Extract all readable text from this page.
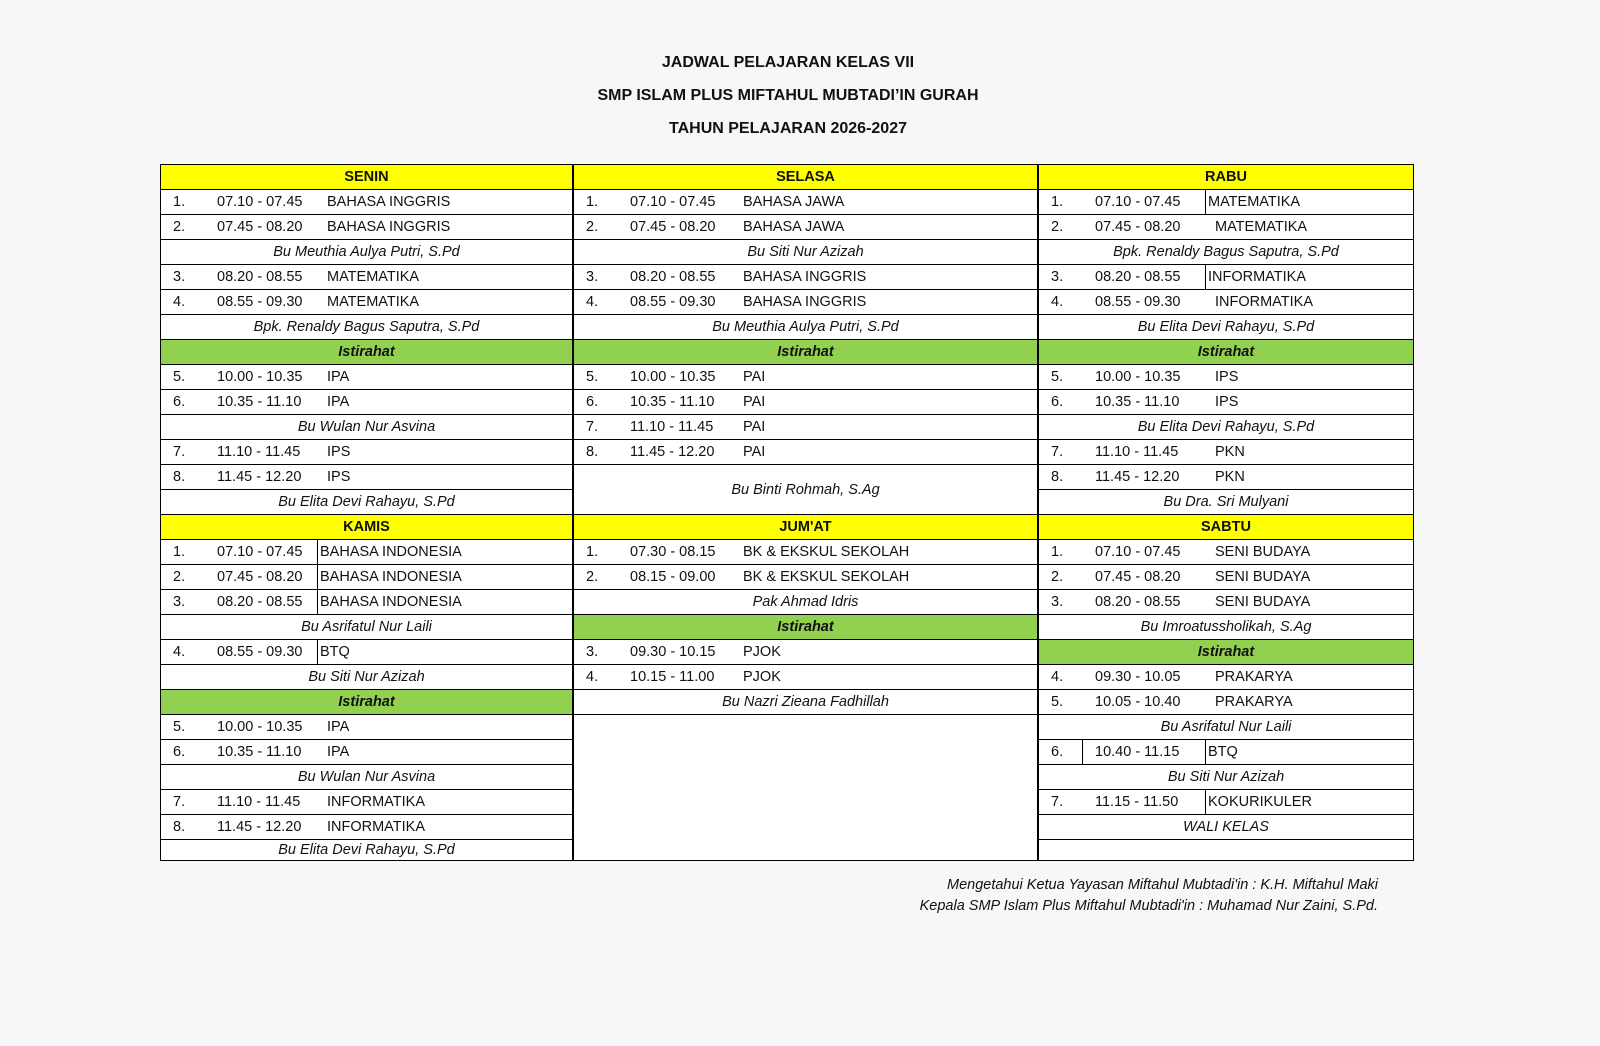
JADWAL PELAJARAN KELAS VII
SMP ISLAM PLUS MIFTAHUL MUBTADI’IN GURAH
TAHUN PELAJARAN 2026-2027
SENIN
1.	07.10 - 07.45	BAHASA INGGRIS
2.	07.45 - 08.20	BAHASA INGGRIS
Bu Meuthia Aulya Putri, S.Pd
3.	08.20 - 08.55	MATEMATIKA
4.	08.55 - 09.30	MATEMATIKA
Bpk. Renaldy Bagus Saputra, S.Pd
Istirahat
5.	10.00 - 10.35	IPA
6.	10.35 - 11.10	IPA
Bu Wulan Nur Asvina
7.	11.10 - 11.45	IPS
8.	11.45 - 12.20	IPS
Bu Elita Devi Rahayu, S.Pd
KAMIS
1.	07.10 - 07.45	BAHASA INDONESIA
2.	07.45 - 08.20	BAHASA INDONESIA
3.	08.20 - 08.55	BAHASA INDONESIA
Bu Asrifatul Nur Laili
4.	08.55 - 09.30	BTQ
Bu Siti Nur Azizah
Istirahat
5.	10.00 - 10.35	IPA
6.	10.35 - 11.10	IPA
Bu Wulan Nur Asvina
7.	11.10 - 11.45	INFORMATIKA
8.	11.45 - 12.20	INFORMATIKA
Bu Elita Devi Rahayu, S.Pd
SELASA
1.	07.10 - 07.45	BAHASA JAWA
2.	07.45 - 08.20	BAHASA JAWA
Bu Siti Nur Azizah
3.	08.20 - 08.55	BAHASA INGGRIS
4.	08.55 - 09.30	BAHASA INGGRIS
Bu Meuthia Aulya Putri, S.Pd
Istirahat
5.	10.00 - 10.35	PAI
6.	10.35 - 11.10	PAI
7.	11.10 - 11.45	PAI
8.	11.45 - 12.20	PAI
Bu Binti Rohmah, S.Ag
JUM'AT
1.	07.30 - 08.15	BK & EKSKUL SEKOLAH
2.	08.15 - 09.00	BK & EKSKUL SEKOLAH
Pak Ahmad Idris
Istirahat
3.	09.30 - 10.15	PJOK
4.	10.15 - 11.00	PJOK
Bu Nazri Zieana Fadhillah
RABU
1.	07.10 - 07.45	MATEMATIKA
2.	07.45 - 08.20	MATEMATIKA
Bpk. Renaldy Bagus Saputra, S.Pd
3.	08.20 - 08.55	INFORMATIKA
4.	08.55 - 09.30	INFORMATIKA
Bu Elita Devi Rahayu, S.Pd
Istirahat
5.	10.00 - 10.35	IPS
6.	10.35 - 11.10	IPS
Bu Elita Devi Rahayu, S.Pd
7.	11.10 - 11.45	PKN
8.	11.45 - 12.20	PKN
Bu Dra. Sri Mulyani
SABTU
1.	07.10 - 07.45	SENI BUDAYA
2.	07.45 - 08.20	SENI BUDAYA
3.	08.20 - 08.55	SENI BUDAYA
Bu Imroatussholikah, S.Ag
Istirahat
4.	09.30 - 10.05	PRAKARYA
5.	10.05 - 10.40	PRAKARYA
Bu Asrifatul Nur Laili
6.	10.40 - 11.15	BTQ
Bu Siti Nur Azizah
7.	11.15 - 11.50	KOKURIKULER
WALI KELAS
Mengetahui Ketua Yayasan Miftahul Mubtadi'in : K.H. Miftahul Maki
Kepala SMP Islam Plus Miftahul Mubtadi'in : Muhamad Nur Zaini, S.Pd.
